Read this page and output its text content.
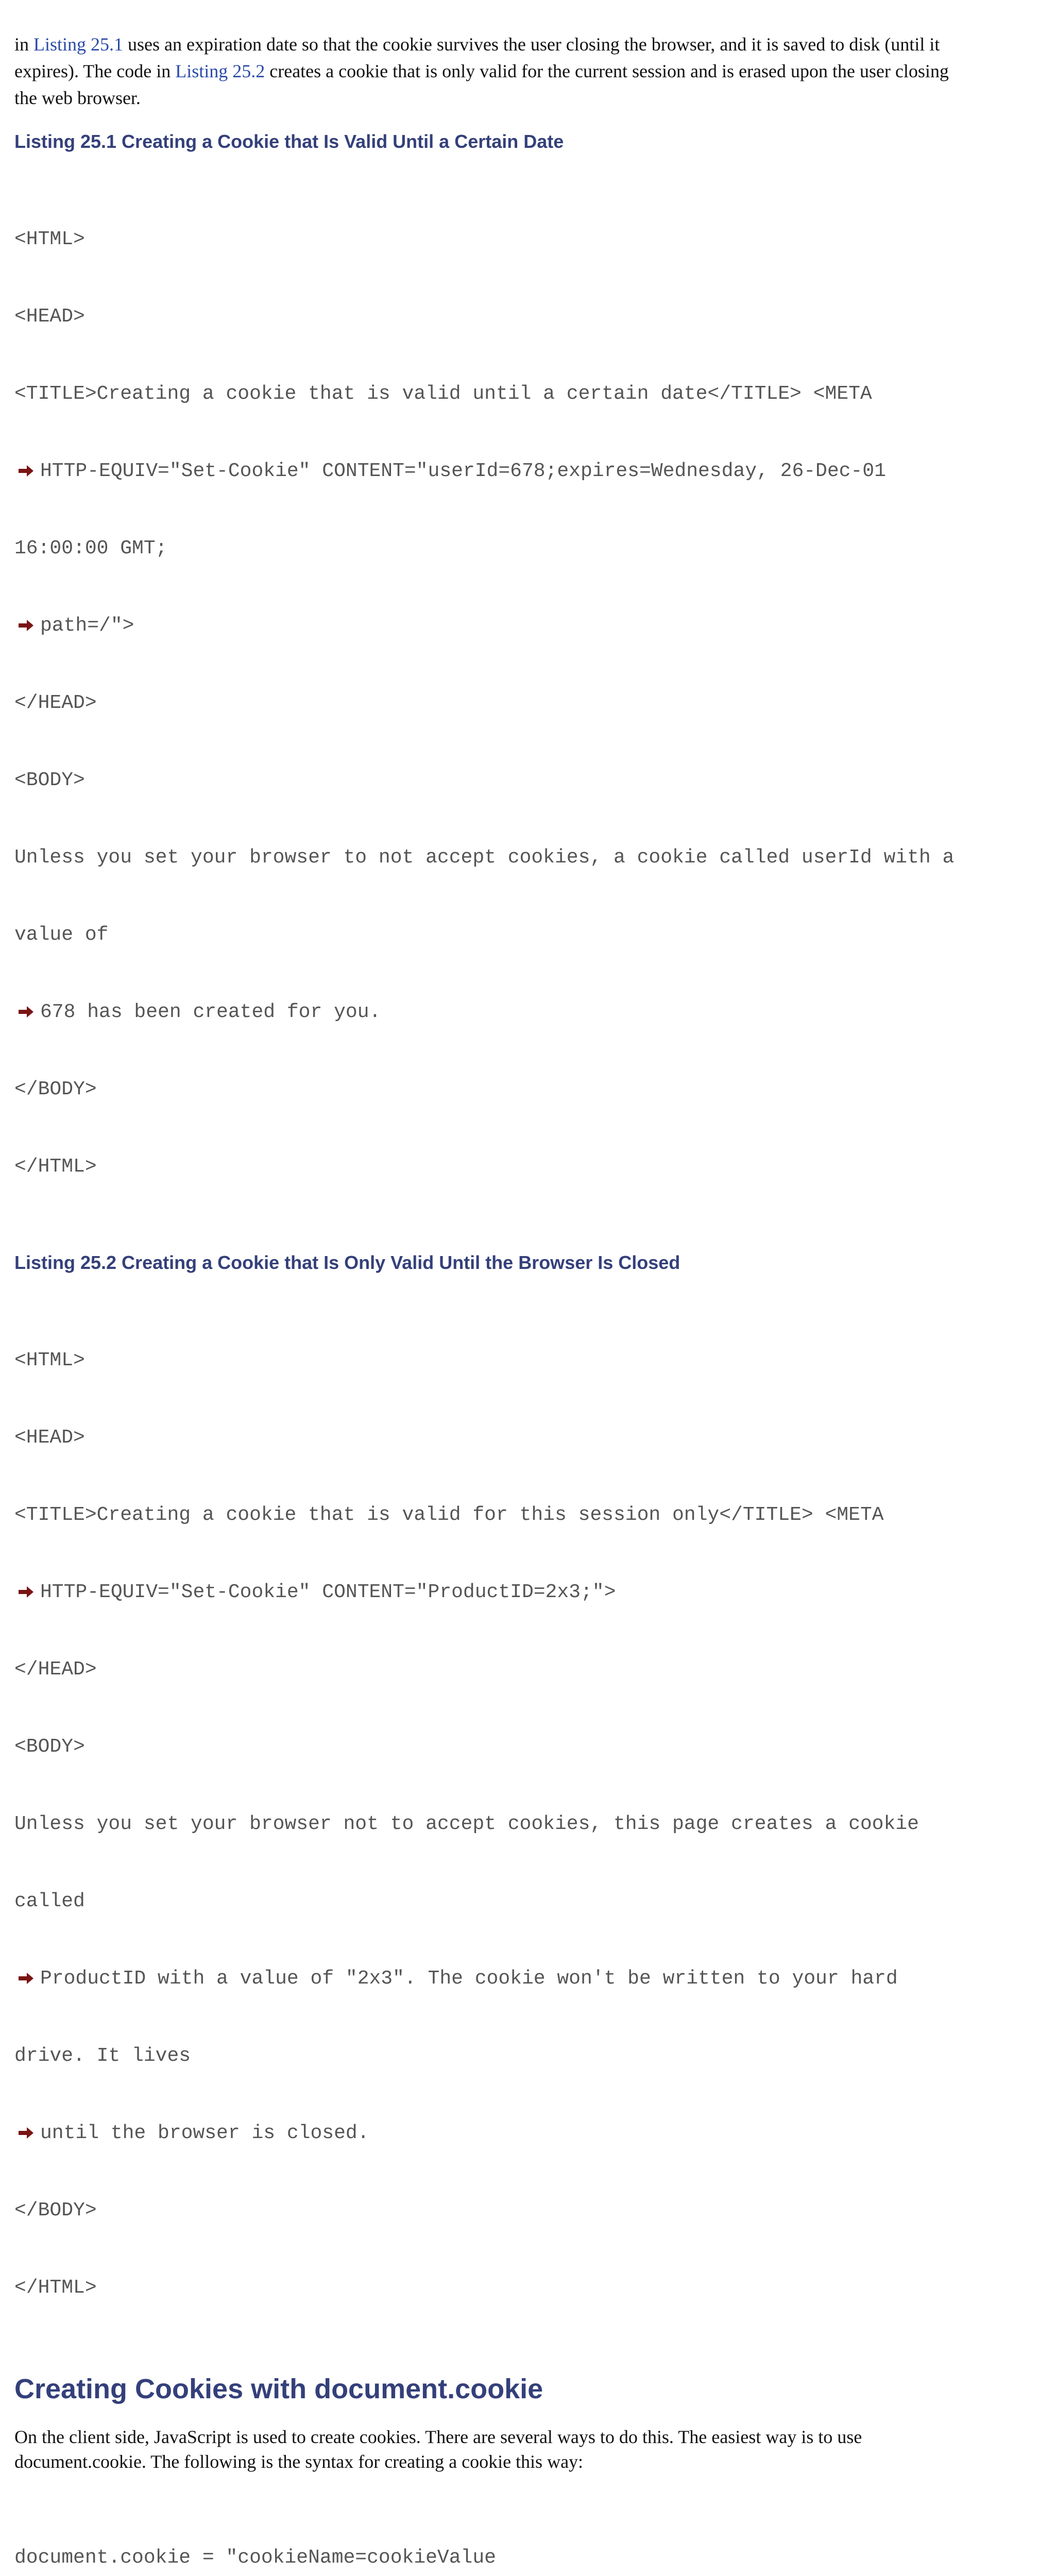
in Listing 25.1 uses an expiration date so that the cookie survives the user closing the browser, and it is saved to disk (until it
expires). The code in Listing 25.2 creates a cookie that is only valid for the current session and is erased upon the user closing
the web browser.

Listing 25.1 Creating a Cookie that Is Valid Until a Certain Date

<HTML>

<HEAD>

<TITLE>Creating a cookie that is valid until a certain date</TITLE> <META

HTTP-EQUIV="Set-Cookie" CONTENT="userId=678;expires=Wednesday, 26-Dec-01

16:00:00 GMT;

path=/">

</HEAD>

<BODY>

Unless you set your browser to not accept cookies, a cookie called userId with a

value of

678 has been created for you.

</BODY>

</HTML>

Listing 25.2 Creating a Cookie that Is Only Valid Until the Browser Is Closed

<HTML>

<HEAD>

<TITLE>Creating a cookie that is valid for this session only</TITLE> <META

HTTP-EQUIV="Set-Cookie" CONTENT="ProductID=2x3;">

</HEAD>

<BODY>

Unless you set your browser not to accept cookies, this page creates a cookie

called

ProductID with a value of "2x3". The cookie won't be written to your hard

drive. It lives

until the browser is closed.

</BODY>

</HTML>

Creating Cookies with document.cookie

On the client side, JavaScript is used to create cookies. There are several ways to do this. The easiest way is to use
document.cookie. The following is the syntax for creating a cookie this way:

document.cookie = "cookieName=cookieValue
